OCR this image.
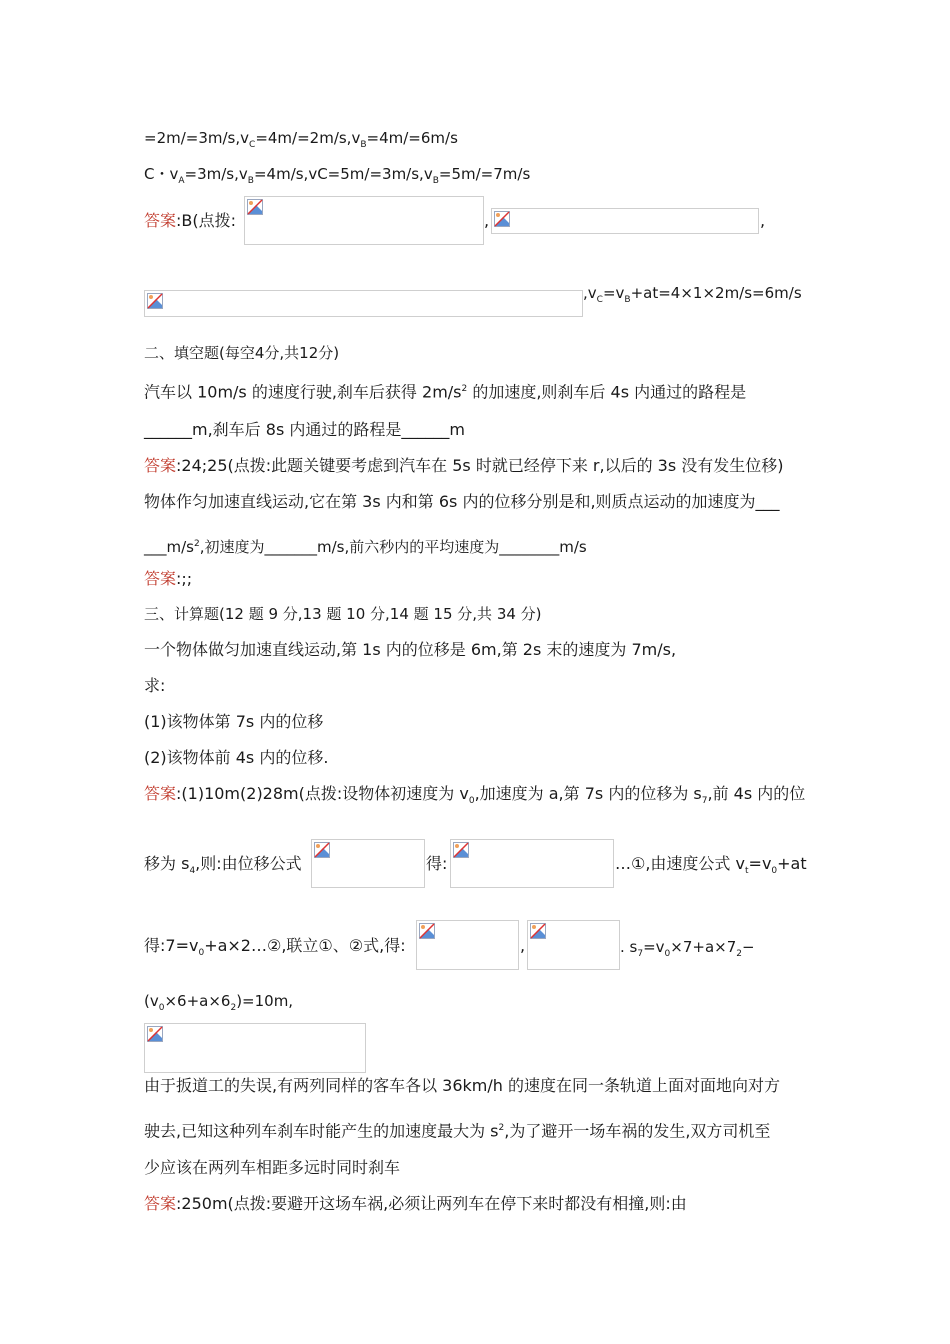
$=2m/=3m/s,v_C=4m/=2m/s,v_B=4m/=6m/s$
C・$v_A=3m/s,v_B=4m/s,vC=5m/=3m/s,v_B=5m/=7m/s$
答案:B(点拨:	,	,
$,v_C=v_B+at=4\times 1\times 2m/s=6m/s$
二、填空题(每空4分,共12分)
汽车以 10m/s 的速度行驶,刹车后获得 $2m/s^2$ 的加速度,则刹车后 4s 内通过的路程是
______m,刹车后 8s 内通过的路程是______m
答案:24;25(点拨:此题关键要考虑到汽车在 5s 时就已经停下来 r,以后的 3s 没有发生位移)
物体作匀加速直线运动,它在第 3s 内和第 6s 内的位移分别是和,则质点运动的加速度为___
$\_\_\_m/s^2$,初速度为_______m/s,前六秒内的平均速度为________m/s
答案:;;
三、计算题(12 题 9 分,13 题 10 分,14 题 15 分,共 34 分)
一个物体做匀加速直线运动,第 1s 内的位移是 6m,第 2s 末的速度为 7m/s,
求:
(1)该物体第 7s 内的位移
(2)该物体前 4s 内的位移.
答案:(1)10m(2)28m(点拨:设物体初速度为 $v_0$,加速度为 a,第 7s 内的位移为 $s_7$,前 4s 内的位
移为 $s_4$,则:由位移公式	得:	…①,由速度公式 $v_t=v_0+at$
得$:7=v_0+a\times 2\dots ②$,联立①、②式,得:	,	. $s_7=v_0\times 7+a\times 7_2-$
$(v_0\times 6+a\times 6_2)=10m$,
由于扳道工的失误,有两列同样的客车各以 36km/h 的速度在同一条轨道上面对面地向对方
驶去,已知这种列车刹车时能产生的加速度最大为 $s^2$,为了避开一场车祸的发生,双方司机至
少应该在两列车相距多远时同时刹车
答案:250m(点拨:要避开这场车祸,必须让两列车在停下来时都没有相撞,则:由
